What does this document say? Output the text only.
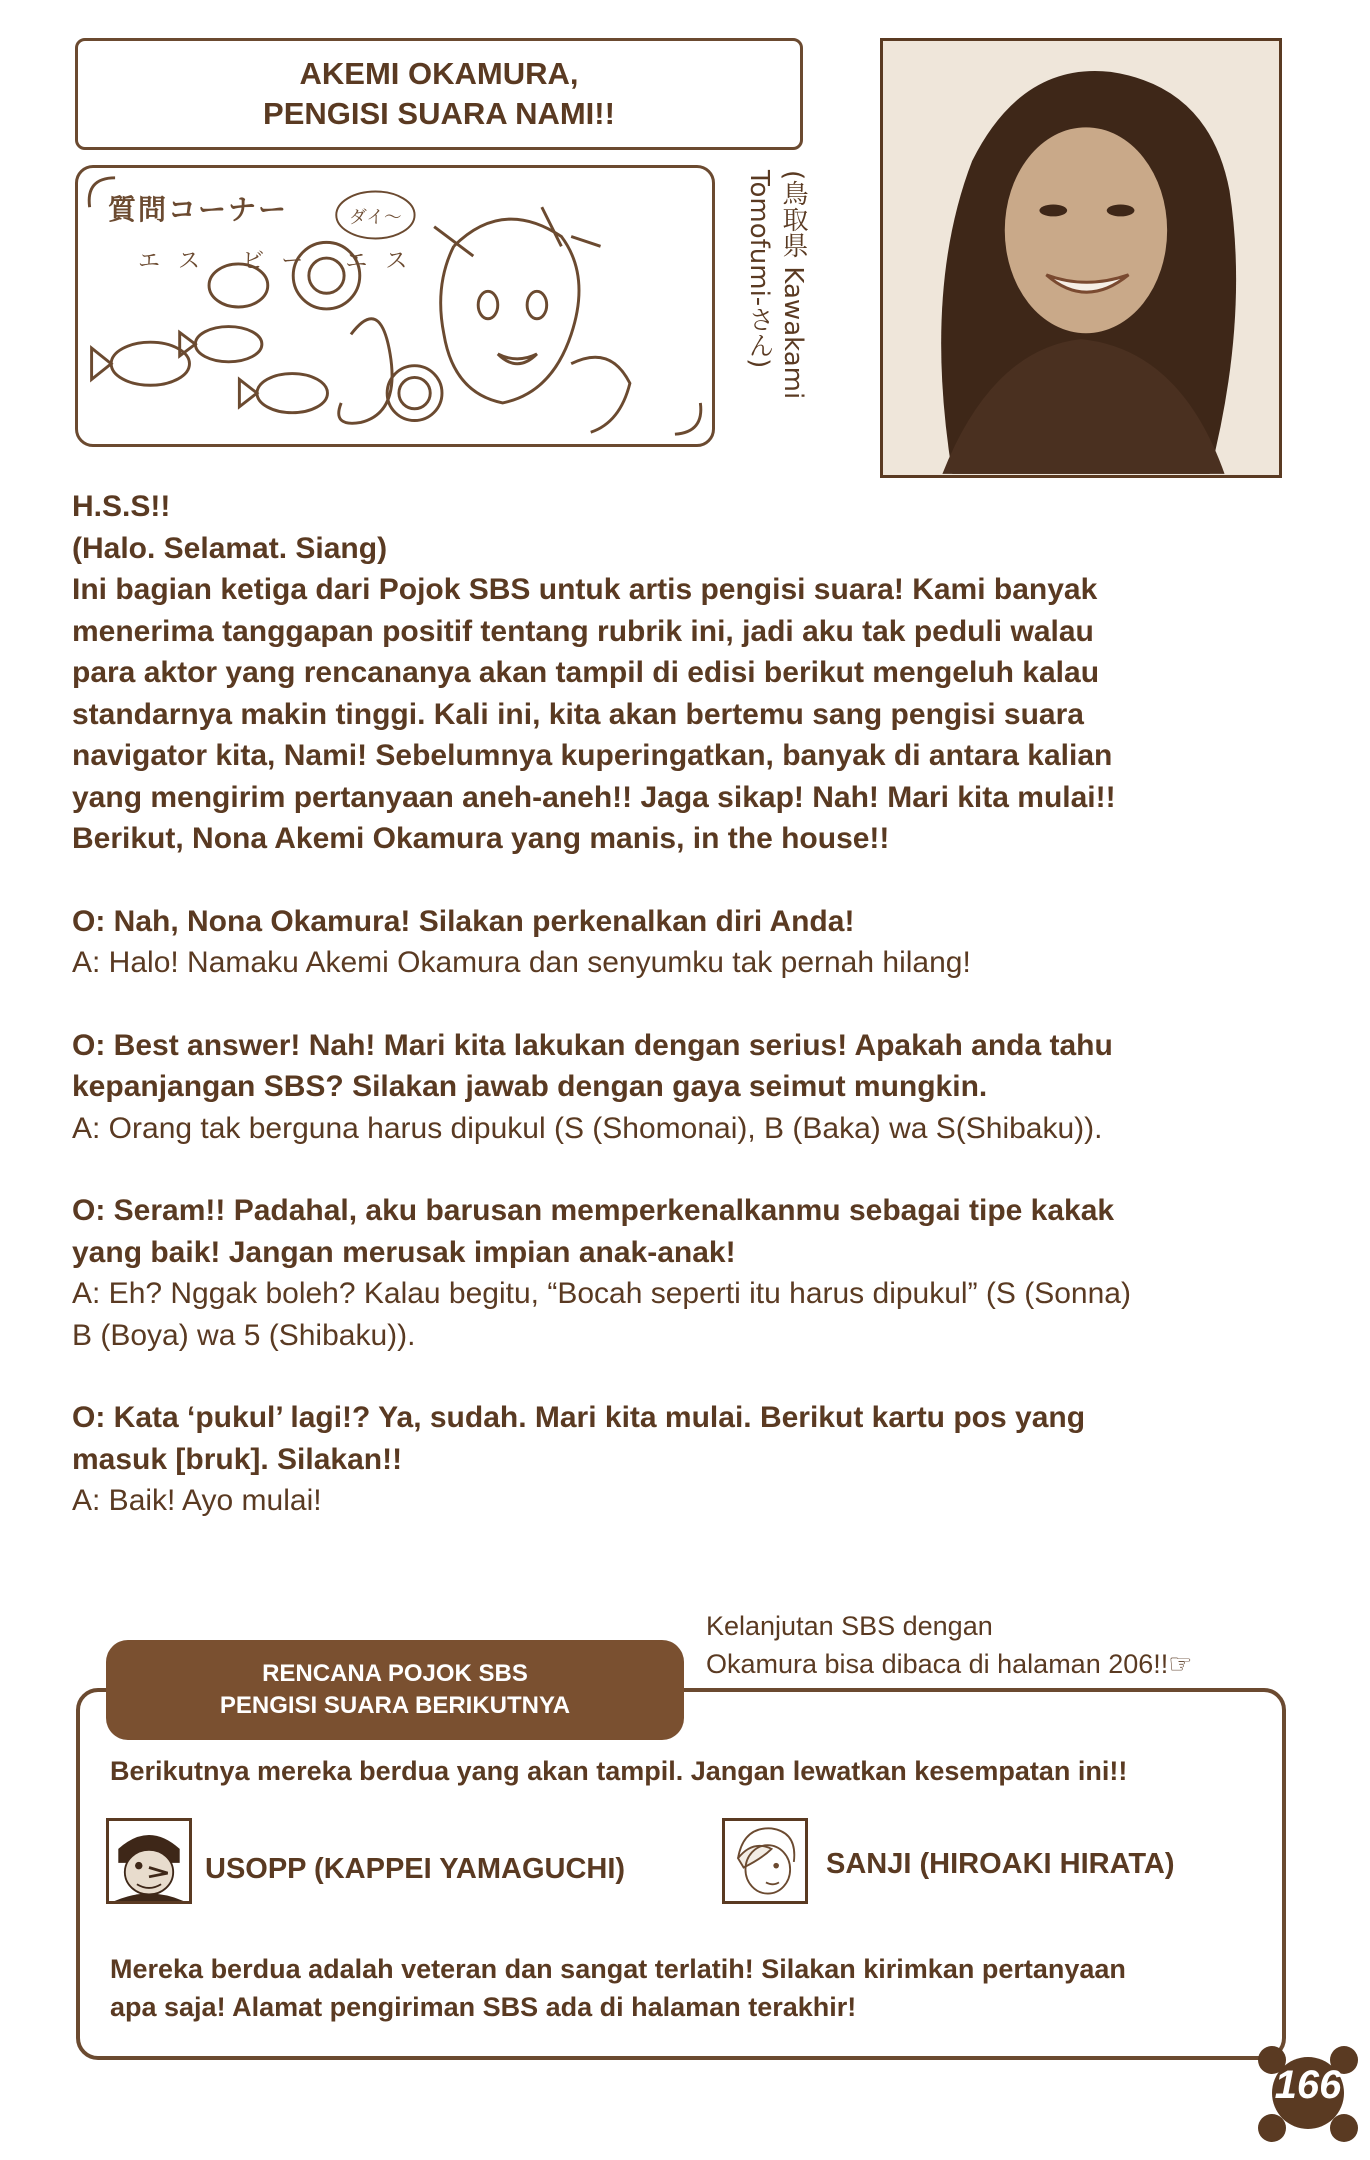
AKEMI OKAMURA,
PENGISI SUARA NAMI!!
ダイ〜
質問コーナー
エス ビー エス	(鳥取県 Kawakami Tomofumi-さん)
H.S.S!!
(Halo. Selamat. Siang)
Ini bagian ketiga dari Pojok SBS untuk artis pengisi suara! Kami banyak
menerima tanggapan positif tentang rubrik ini, jadi aku tak peduli walau
para aktor yang rencananya akan tampil di edisi berikut mengeluh kalau
standarnya makin tinggi. Kali ini, kita akan bertemu sang pengisi suara
navigator kita, Nami! Sebelumnya kuperingatkan, banyak di antara kalian
yang mengirim pertanyaan aneh-aneh!! Jaga sikap! Nah! Mari kita mulai!!
Berikut, Nona Akemi Okamura yang manis, in the house!!
O: Nah, Nona Okamura! Silakan perkenalkan diri Anda!
A: Halo! Namaku Akemi Okamura dan senyumku tak pernah hilang!
O: Best answer! Nah! Mari kita lakukan dengan serius! Apakah anda tahu
kepanjangan SBS? Silakan jawab dengan gaya seimut mungkin.
A: Orang tak berguna harus dipukul (S (Shomonai), B (Baka) wa S(Shibaku)).
O: Seram!! Padahal, aku barusan memperkenalkanmu sebagai tipe kakak
yang baik! Jangan merusak impian anak-anak!
A: Eh? Nggak boleh? Kalau begitu, “Bocah seperti itu harus dipukul” (S (Sonna)
B (Boya) wa 5 (Shibaku)).
O: Kata ‘pukul’ lagi!? Ya, sudah. Mari kita mulai. Berikut kartu pos yang
masuk [bruk]. Silakan!!
A: Baik! Ayo mulai!
Kelanjutan SBS dengan
Okamura bisa dibaca di halaman 206!!☞
RENCANA POJOK SBS
PENGISI SUARA BERIKUTNYA
Berikutnya mereka berdua yang akan tampil. Jangan lewatkan kesempatan ini!!
USOPP (KAPPEI YAMAGUCHI)	SANJI (HIROAKI HIRATA)
Mereka berdua adalah veteran dan sangat terlatih! Silakan kirimkan pertanyaan
apa saja! Alamat pengiriman SBS ada di halaman terakhir!
166
